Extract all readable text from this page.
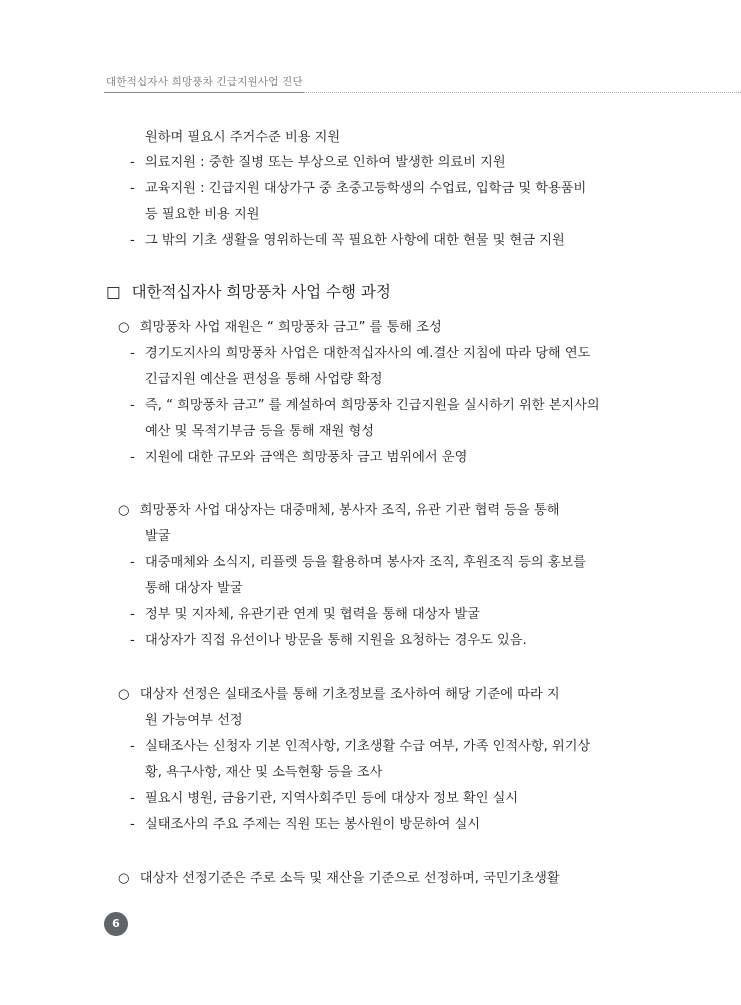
대한적십자사 희망풍차 긴급지원사업 진단
원하며 필요시 주거수준 비용 지원
- 의료지원 : 중한 질병 또는 부상으로 인하여 발생한 의료비 지원
- 교육지원 : 긴급지원 대상가구 중 초중고등학생의 수업료, 입학금 및 학용품비
등 필요한 비용 지원
- 그 밖의 기초 생활을 영위하는데 꼭 필요한 사항에 대한 현물 및 현금 지원
□ 대한적십자사 희망풍차 사업 수행 과정
○ 희망풍차 사업 재원은 “ 희망풍차 금고” 를 통해 조성
- 경기도지사의 희망풍차 사업은 대한적십자사의 예.결산 지침에 따라 당해 연도
긴급지원 예산을 편성을 통해 사업량 확정
- 즉, “ 희망풍차 금고” 를 계설하여 희망풍차 긴급지원을 실시하기 위한 본지사의
예산 및 목적기부금 등을 통해 재원 형성
- 지원에 대한 규모와 금액은 희망풍차 금고 범위에서 운영
○ 희망풍차 사업 대상자는 대중매체, 봉사자 조직, 유관 기관 협력 등을 통해
발굴
- 대중매체와 소식지, 리플렛 등을 활용하며 봉사자 조직, 후원조직 등의 홍보를
통해 대상자 발굴
- 정부 및 지자체, 유관기관 연계 및 협력을 통해 대상자 발굴
- 대상자가 직접 유선이나 방문을 통해 지원을 요청하는 경우도 있음.
○ 대상자 선정은 실태조사를 통해 기초정보를 조사하여 해당 기준에 따라 지
원 가능여부 선정
- 실태조사는 신청자 기본 인적사항, 기초생활 수급 여부, 가족 인적사항, 위기상
황, 욕구사항, 재산 및 소득현황 등을 조사
- 필요시 병원, 금융기관, 지역사회주민 등에 대상자 정보 확인 실시
- 실태조사의 주요 주제는 직원 또는 봉사원이 방문하여 실시
○ 대상자 선정기준은 주로 소득 및 재산을 기준으로 선정하며, 국민기초생활
6
